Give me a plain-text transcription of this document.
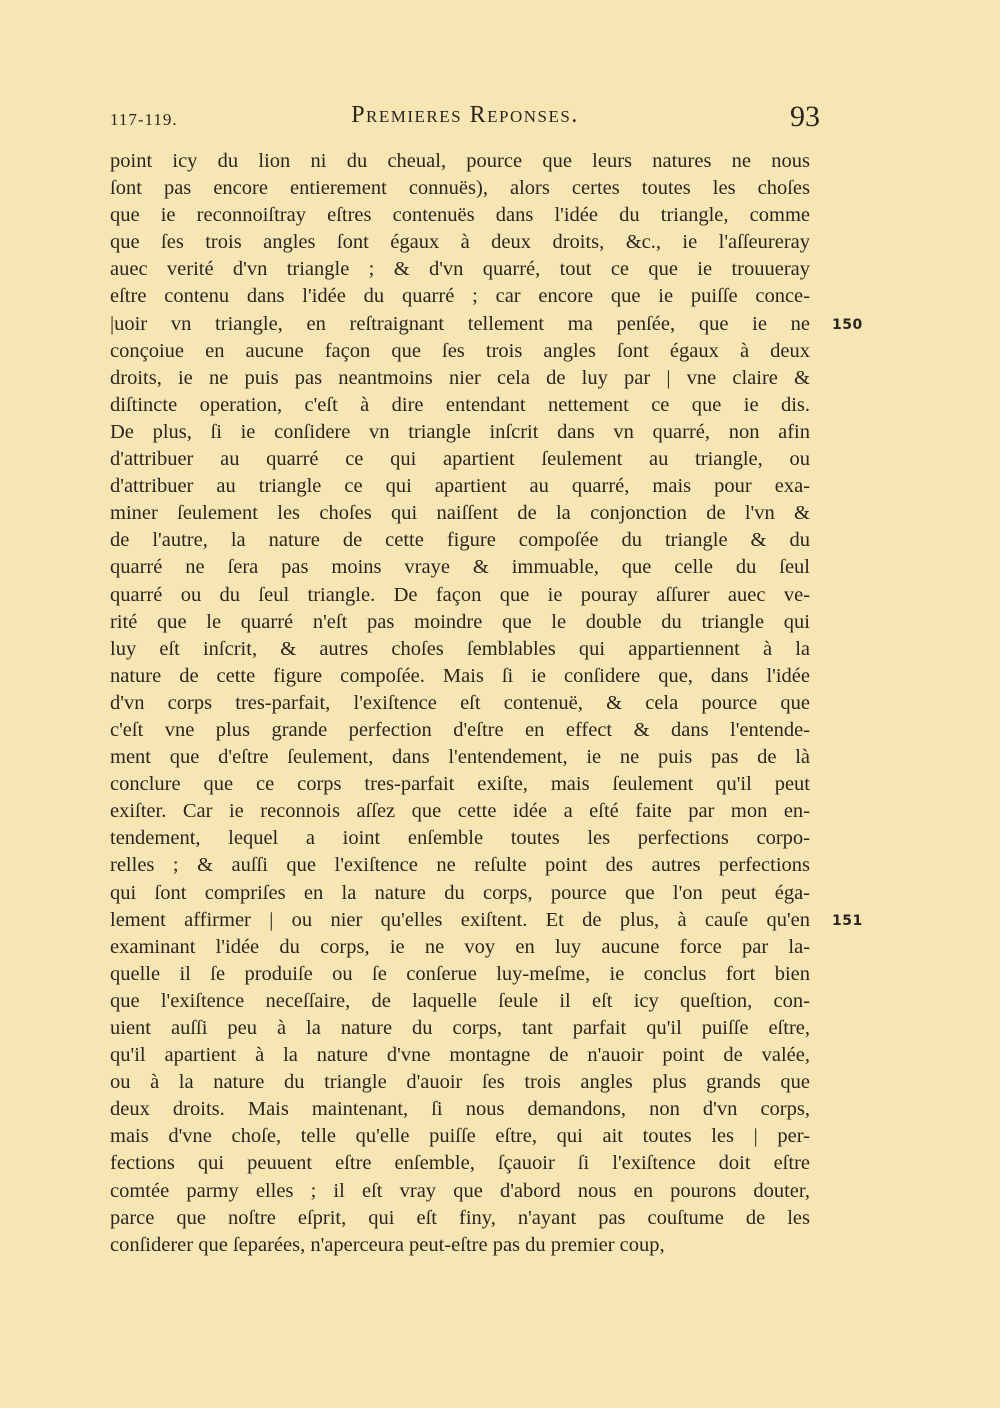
117-119.	Premieres Reponses.	93
point icy du lion ni du cheual, pource que leurs natures ne nous
ſont pas encore entierement connuës), alors certes toutes les choſes
que ie reconnoiſtray eſtres contenuës dans l'idée du triangle, comme
que ſes trois angles ſont égaux à deux droits, &c., ie l'aſſeureray
auec verité d'vn triangle ; & d'vn quarré, tout ce que ie trouueray
eſtre contenu dans l'idée du quarré ; car encore que ie puiſſe conce-
|uoir vn triangle, en reſtraignant tellement ma penſée, que ie ne
conçoiue en aucune façon que ſes trois angles ſont égaux à deux
droits, ie ne puis pas neantmoins nier cela de luy par | vne claire &
diſtincte operation, c'eſt à dire entendant nettement ce que ie dis.
De plus, ſi ie conſidere vn triangle inſcrit dans vn quarré, non afin
d'attribuer au quarré ce qui apartient ſeulement au triangle, ou
d'attribuer au triangle ce qui apartient au quarré, mais pour exa-
miner ſeulement les choſes qui naiſſent de la conjonction de l'vn &
de l'autre, la nature de cette figure compoſée du triangle & du
quarré ne ſera pas moins vraye & immuable, que celle du ſeul
quarré ou du ſeul triangle. De façon que ie pouray aſſurer auec ve-
rité que le quarré n'eſt pas moindre que le double du triangle qui
luy eſt inſcrit, & autres choſes ſemblables qui appartiennent à la
nature de cette figure compoſée. Mais ſi ie conſidere que, dans l'idée
d'vn corps tres-parfait, l'exiſtence eſt contenuë, & cela pource que
c'eſt vne plus grande perfection d'eſtre en effect & dans l'entende-
ment que d'eſtre ſeulement, dans l'entendement, ie ne puis pas de là
conclure que ce corps tres-parfait exiſte, mais ſeulement qu'il peut
exiſter. Car ie reconnois aſſez que cette idée a eſté faite par mon en-
tendement, lequel a ioint enſemble toutes les perfections corpo-
relles ; & auſſi que l'exiſtence ne reſulte point des autres perfections
qui ſont compriſes en la nature du corps, pource que l'on peut éga-
lement affirmer | ou nier qu'elles exiſtent. Et de plus, à cauſe qu'en
examinant l'idée du corps, ie ne voy en luy aucune force par la-
quelle il ſe produiſe ou ſe conſerue luy-meſme, ie conclus fort bien
que l'exiſtence neceſſaire, de laquelle ſeule il eſt icy queſtion, con-
uient auſſi peu à la nature du corps, tant parfait qu'il puiſſe eſtre,
qu'il apartient à la nature d'vne montagne de n'auoir point de valée,
ou à la nature du triangle d'auoir ſes trois angles plus grands que
deux droits. Mais maintenant, ſi nous demandons, non d'vn corps,
mais d'vne choſe, telle qu'elle puiſſe eſtre, qui ait toutes les | per-
fections qui peuuent eſtre enſemble, ſçauoir ſi l'exiſtence doit eſtre
comtée parmy elles ; il eſt vray que d'abord nous en pourons douter,
parce que noſtre eſprit, qui eſt finy, n'ayant pas couſtume de les
conſiderer que ſeparées, n'aperceura peut-eſtre pas du premier coup,
150
151
